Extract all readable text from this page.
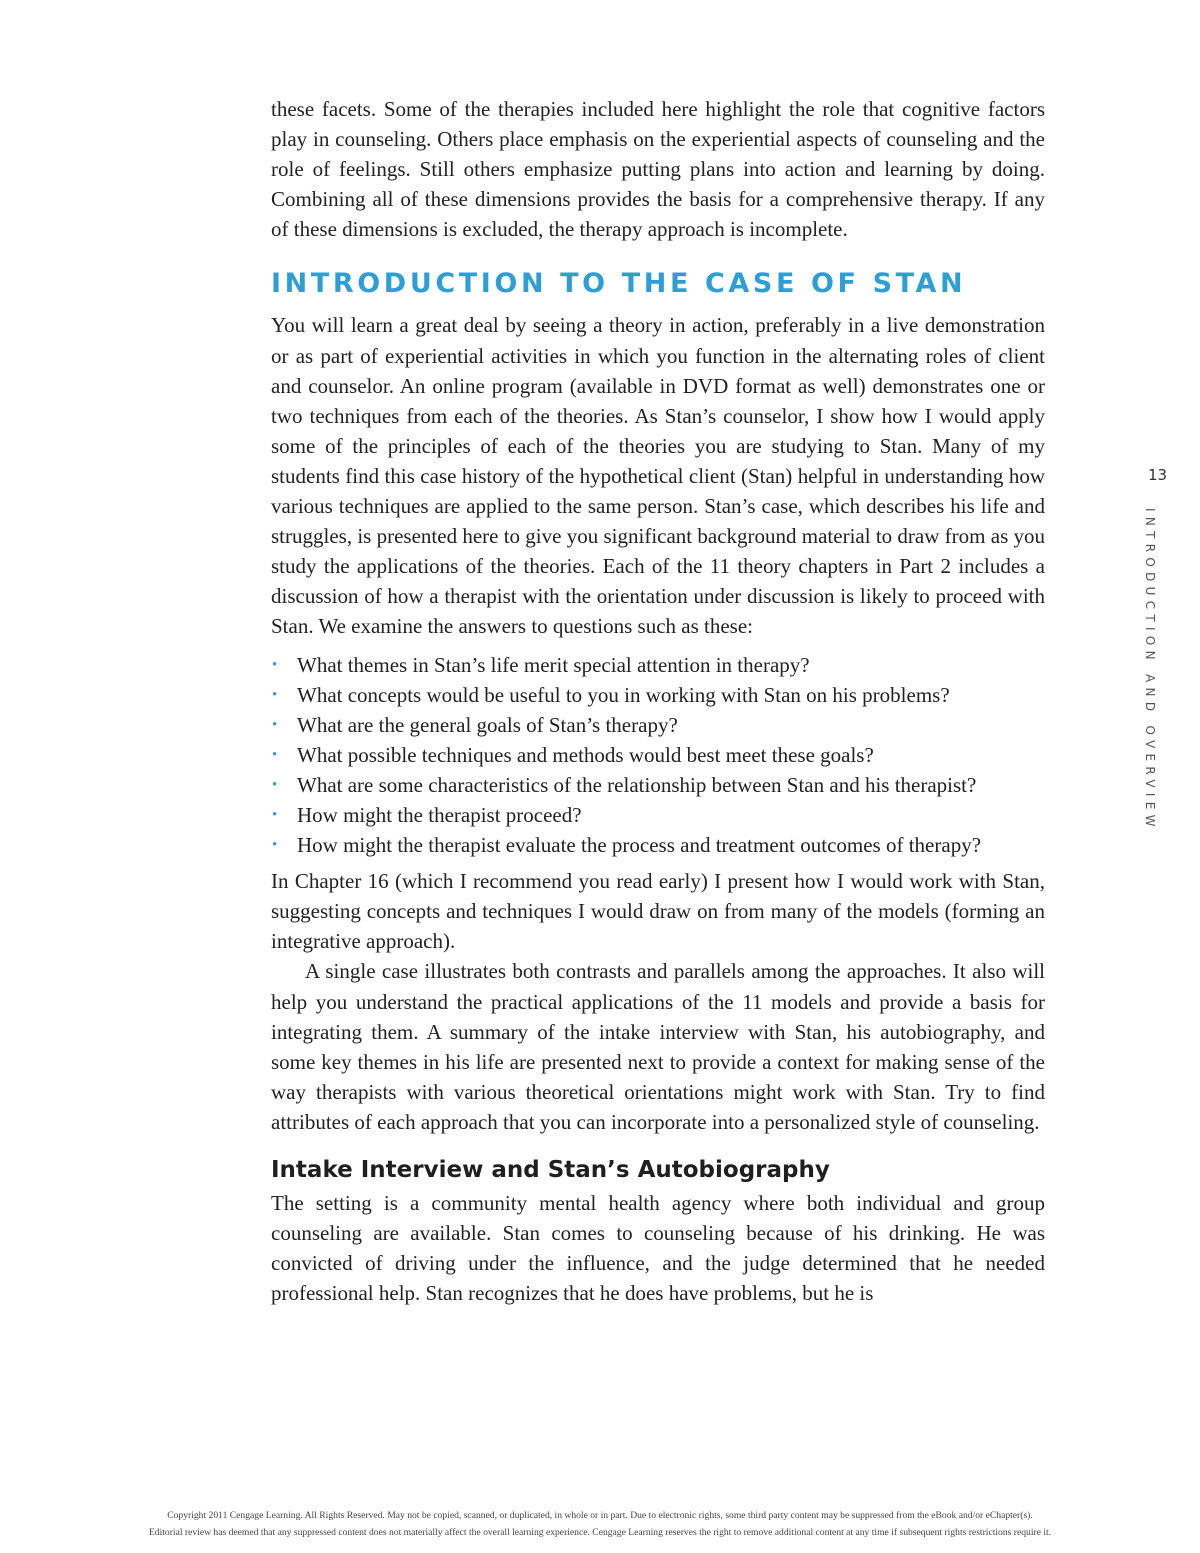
these facets. Some of the therapies included here highlight the role that cognitive factors play in counseling. Others place emphasis on the experiential aspects of counseling and the role of feelings. Still others emphasize putting plans into action and learning by doing. Combining all of these dimensions provides the basis for a comprehensive therapy. If any of these dimensions is excluded, the therapy approach is incomplete.

INTRODUCTION TO THE CASE OF STAN

You will learn a great deal by seeing a theory in action, preferably in a live demonstration or as part of experiential activities in which you function in the alternating roles of client and counselor. An online program (available in DVD format as well) demonstrates one or two techniques from each of the theories. As Stan’s counselor, I show how I would apply some of the principles of each of the theories you are studying to Stan. Many of my students find this case history of the hypothetical client (Stan) helpful in understanding how various techniques are applied to the same person. Stan’s case, which describes his life and struggles, is presented here to give you significant background material to draw from as you study the applications of the theories. Each of the 11 theory chapters in Part 2 includes a discussion of how a therapist with the orientation under discussion is likely to proceed with Stan. We examine the answers to questions such as these:

• What themes in Stan’s life merit special attention in therapy?
• What concepts would be useful to you in working with Stan on his problems?
• What are the general goals of Stan’s therapy?
• What possible techniques and methods would best meet these goals?
• What are some characteristics of the relationship between Stan and his therapist?
• How might the therapist proceed?
• How might the therapist evaluate the process and treatment outcomes of therapy?

In Chapter 16 (which I recommend you read early) I present how I would work with Stan, suggesting concepts and techniques I would draw on from many of the models (forming an integrative approach).

A single case illustrates both contrasts and parallels among the approaches. It also will help you understand the practical applications of the 11 models and provide a basis for integrating them. A summary of the intake interview with Stan, his autobiography, and some key themes in his life are presented next to provide a context for making sense of the way therapists with various theoretical orientations might work with Stan. Try to find attributes of each approach that you can incorporate into a personalized style of counseling.

Intake Interview and Stan’s Autobiography

The setting is a community mental health agency where both individual and group counseling are available. Stan comes to counseling because of his drinking. He was convicted of driving under the influence, and the judge determined that he needed professional help. Stan recognizes that he does have problems, but he is

13
INTRODUCTION AND OVERVIEW
Copyright 2011 Cengage Learning. All Rights Reserved. May not be copied, scanned, or duplicated, in whole or in part. Due to electronic rights, some third party content may be suppressed from the eBook and/or eChapter(s).
Editorial review has deemed that any suppressed content does not materially affect the overall learning experience. Cengage Learning reserves the right to remove additional content at any time if subsequent rights restrictions require it.
